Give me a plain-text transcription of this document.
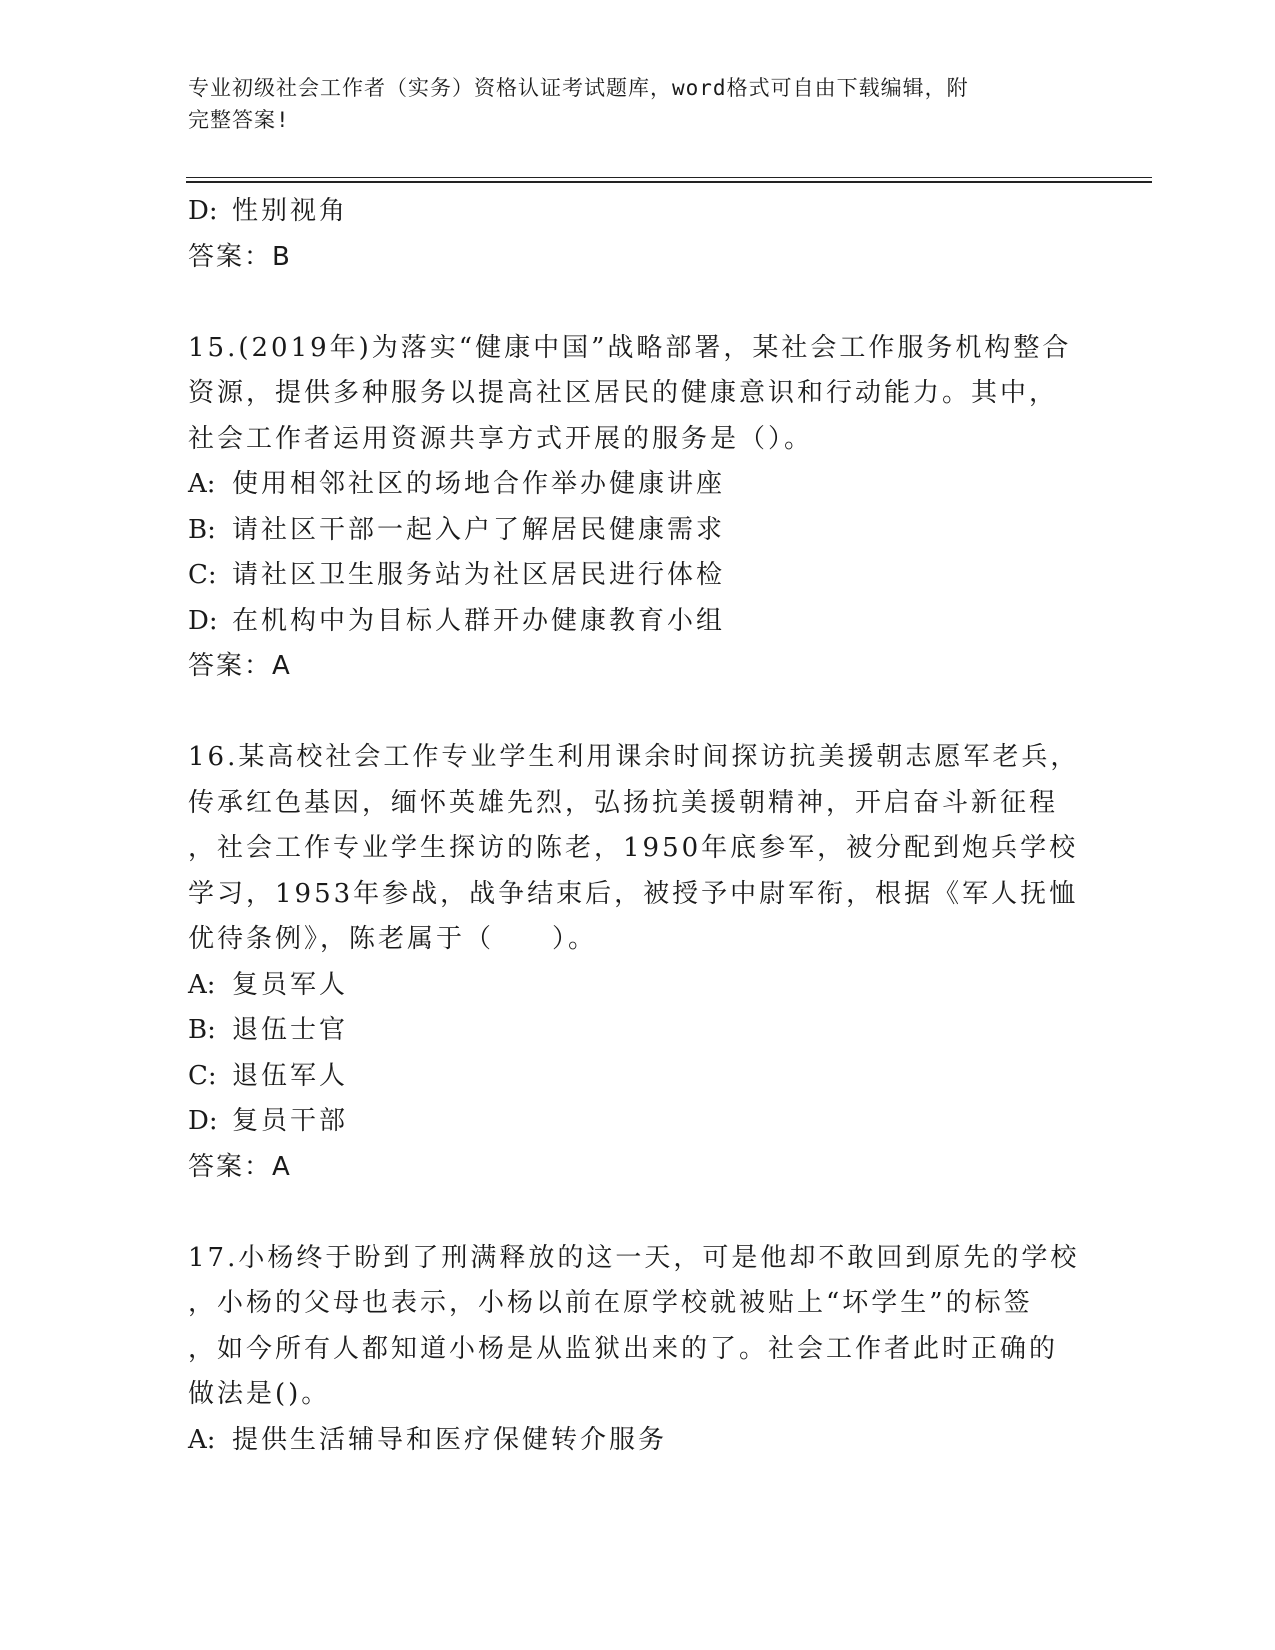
专业初级社会工作者（实务）资格认证考试题库，word格式可自由下载编辑，附
完整答案!
D: 性别视角
答案：B
15.(2019年)为落实“健康中国”战略部署，某社会工作服务机构整合
资源，提供多种服务以提高社区居民的健康意识和行动能力。其中，
社会工作者运用资源共享方式开展的服务是（）。
A: 使用相邻社区的场地合作举办健康讲座
B: 请社区干部一起入户了解居民健康需求
C: 请社区卫生服务站为社区居民进行体检
D: 在机构中为目标人群开办健康教育小组
答案：A
16.某高校社会工作专业学生利用课余时间探访抗美援朝志愿军老兵，
传承红色基因，缅怀英雄先烈，弘扬抗美援朝精神，开启奋斗新征程
，社会工作专业学生探访的陈老，1950年底参军，被分配到炮兵学校
学习，1953年参战，战争结束后，被授予中尉军衔，根据《军人抚恤
优待条例》，陈老属于（　　）。
A: 复员军人
B: 退伍士官
C: 退伍军人
D: 复员干部
答案：A
17.小杨终于盼到了刑满释放的这一天，可是他却不敢回到原先的学校
，小杨的父母也表示，小杨以前在原学校就被贴上“坏学生”的标签
，如今所有人都知道小杨是从监狱出来的了。社会工作者此时正确的
做法是()。
A: 提供生活辅导和医疗保健转介服务
